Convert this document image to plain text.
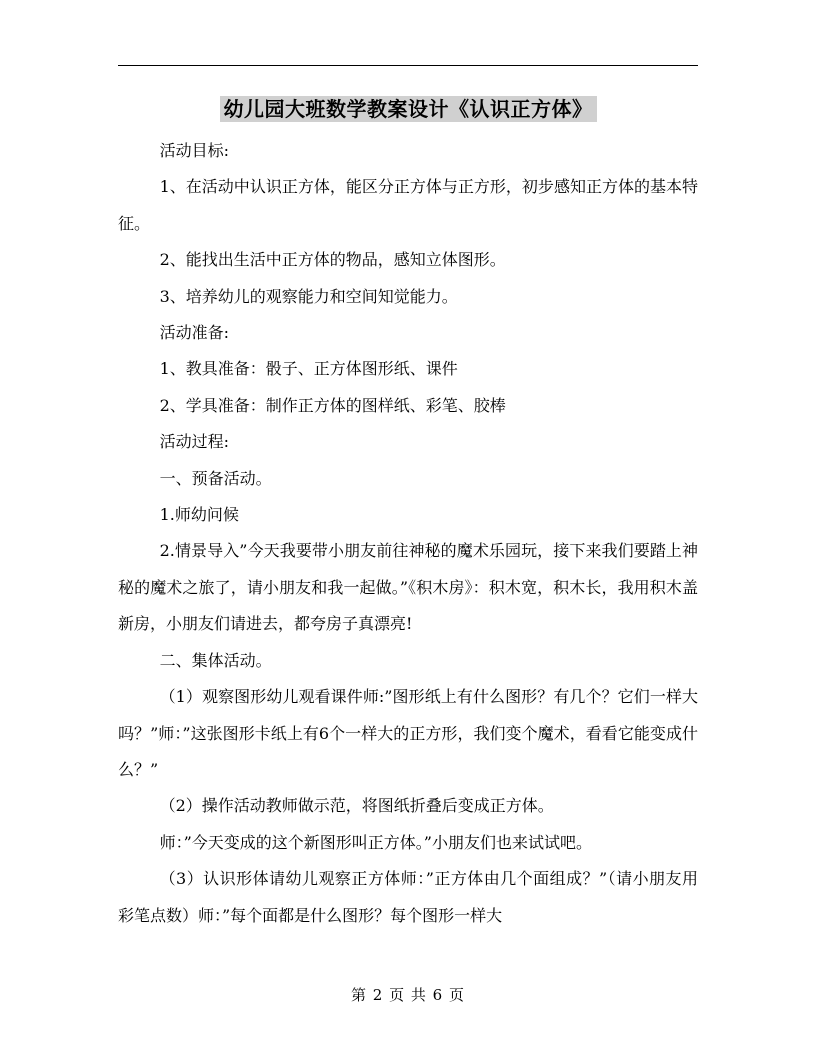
幼儿园大班数学教案设计《认识正方体》

活动目标:

1、在活动中认识正方体，能区分正方体与正方形，初步感知正方体的基本特征。

2、能找出生活中正方体的物品，感知立体图形。

3、培养幼儿的观察能力和空间知觉能力。

活动准备:

1、教具准备：骰子、正方体图形纸、课件

2、学具准备：制作正方体的图样纸、彩笔、胶棒

活动过程:

一、预备活动。

1.师幼问候

2.情景导入”今天我要带小朋友前往神秘的魔术乐园玩，接下来我们要踏上神秘的魔术之旅了，请小朋友和我一起做。”《积木房》：积木宽，积木长，我用积木盖新房，小朋友们请进去，都夸房子真漂亮!

二、集体活动。

（1）观察图形幼儿观看课件师:”图形纸上有什么图形？有几个？它们一样大吗？”师：”这张图形卡纸上有6个一样大的正方形，我们变个魔术，看看它能变成什么？”

（2）操作活动教师做示范，将图纸折叠后变成正方体。

师：”今天变成的这个新图形叫正方体。”小朋友们也来试试吧。

（3）认识形体请幼儿观察正方体师：”正方体由几个面组成？”（请小朋友用彩笔点数）师：”每个面都是什么图形？每个图形一样大

第 2 页 共 6 页
